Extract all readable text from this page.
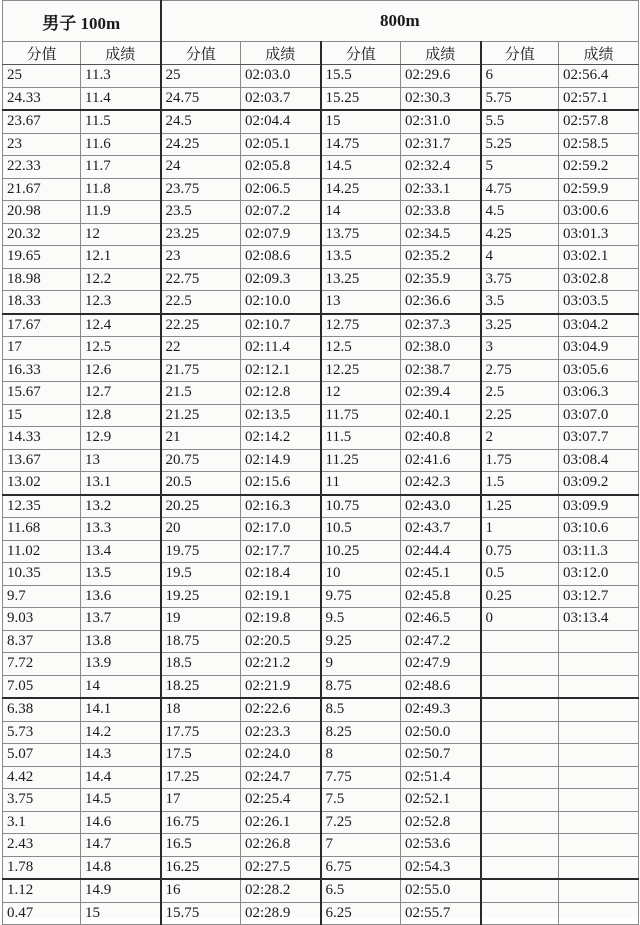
男子 100m		800m					
分值	成绩	分值	成绩	分值	成绩	分值	成绩
25	11.3	25	02:03.0	15.5	02:29.6	6	02:56.4
24.33	11.4	24.75	02:03.7	15.25	02:30.3	5.75	02:57.1
23.67	11.5	24.5	02:04.4	15	02:31.0	5.5	02:57.8
23	11.6	24.25	02:05.1	14.75	02:31.7	5.25	02:58.5
22.33	11.7	24	02:05.8	14.5	02:32.4	5	02:59.2
21.67	11.8	23.75	02:06.5	14.25	02:33.1	4.75	02:59.9
20.98	11.9	23.5	02:07.2	14	02:33.8	4.5	03:00.6
20.32	12	23.25	02:07.9	13.75	02:34.5	4.25	03:01.3
19.65	12.1	23	02:08.6	13.5	02:35.2	4	03:02.1
18.98	12.2	22.75	02:09.3	13.25	02:35.9	3.75	03:02.8
18.33	12.3	22.5	02:10.0	13	02:36.6	3.5	03:03.5
17.67	12.4	22.25	02:10.7	12.75	02:37.3	3.25	03:04.2
17	12.5	22	02:11.4	12.5	02:38.0	3	03:04.9
16.33	12.6	21.75	02:12.1	12.25	02:38.7	2.75	03:05.6
15.67	12.7	21.5	02:12.8	12	02:39.4	2.5	03:06.3
15	12.8	21.25	02:13.5	11.75	02:40.1	2.25	03:07.0
14.33	12.9	21	02:14.2	11.5	02:40.8	2	03:07.7
13.67	13	20.75	02:14.9	11.25	02:41.6	1.75	03:08.4
13.02	13.1	20.5	02:15.6	11	02:42.3	1.5	03:09.2
12.35	13.2	20.25	02:16.3	10.75	02:43.0	1.25	03:09.9
11.68	13.3	20	02:17.0	10.5	02:43.7	1	03:10.6
11.02	13.4	19.75	02:17.7	10.25	02:44.4	0.75	03:11.3
10.35	13.5	19.5	02:18.4	10	02:45.1	0.5	03:12.0
9.7	13.6	19.25	02:19.1	9.75	02:45.8	0.25	03:12.7
9.03	13.7	19	02:19.8	9.5	02:46.5	0	03:13.4
8.37	13.8	18.75	02:20.5	9.25	02:47.2		
7.72	13.9	18.5	02:21.2	9	02:47.9		
7.05	14	18.25	02:21.9	8.75	02:48.6		
6.38	14.1	18	02:22.6	8.5	02:49.3		
5.73	14.2	17.75	02:23.3	8.25	02:50.0		
5.07	14.3	17.5	02:24.0	8	02:50.7		
4.42	14.4	17.25	02:24.7	7.75	02:51.4		
3.75	14.5	17	02:25.4	7.5	02:52.1		
3.1	14.6	16.75	02:26.1	7.25	02:52.8		
2.43	14.7	16.5	02:26.8	7	02:53.6		
1.78	14.8	16.25	02:27.5	6.75	02:54.3		
1.12	14.9	16	02:28.2	6.5	02:55.0		
0.47	15	15.75	02:28.9	6.25	02:55.7		
